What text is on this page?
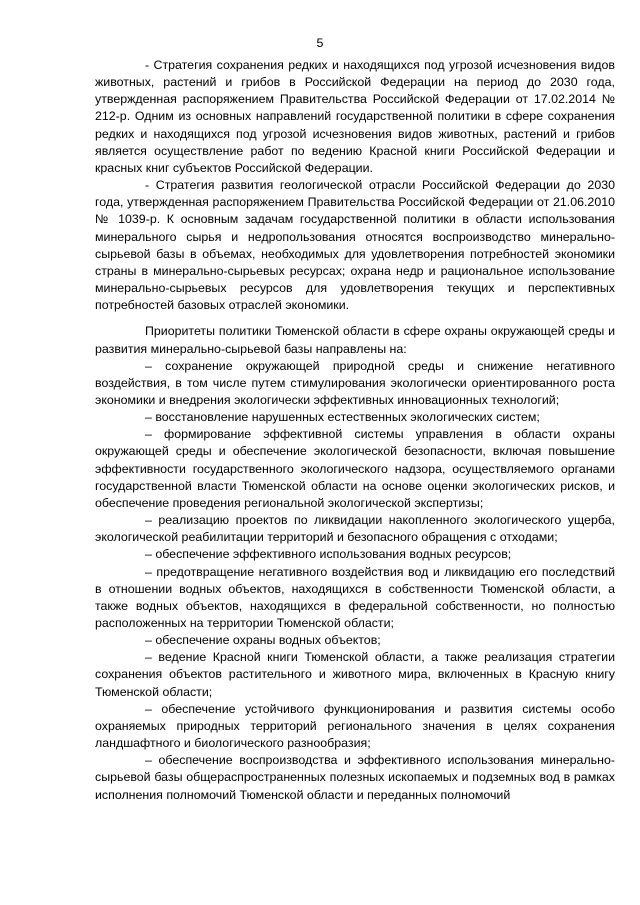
5

- Стратегия сохранения редких и находящихся под угрозой исчезновения видов животных, растений и грибов в Российской Федерации на период до 2030 года, утвержденная распоряжением Правительства Российской Федерации от 17.02.2014 № 212-р. Одним из основных направлений государственной политики в сфере сохранения редких и находящихся под угрозой исчезновения видов животных, растений и грибов является осуществление работ по ведению Красной книги Российской Федерации и красных книг субъектов Российской Федерации.

- Стратегия развития геологической отрасли Российской Федерации до 2030 года, утвержденная распоряжением Правительства Российской Федерации от 21.06.2010 № 1039-р. К основным задачам государственной политики в области использования минерального сырья и недропользования относятся воспроизводство минерально-сырьевой базы в объемах, необходимых для удовлетворения потребностей экономики страны в минерально-сырьевых ресурсах; охрана недр и рациональное использование минерально-сырьевых ресурсов для удовлетворения текущих и перспективных потребностей базовых отраслей экономики.

Приоритеты политики Тюменской области в сфере охраны окружающей среды и развития минерально-сырьевой базы направлены на:

– сохранение окружающей природной среды и снижение негативного воздействия, в том числе путем стимулирования экологически ориентированного роста экономики и внедрения экологически эффективных инновационных технологий;

– восстановление нарушенных естественных экологических систем;

– формирование эффективной системы управления в области охраны окружающей среды и обеспечение экологической безопасности, включая повышение эффективности государственного экологического надзора, осуществляемого органами государственной власти Тюменской области на основе оценки экологических рисков, и обеспечение проведения региональной экологической экспертизы;

– реализацию проектов по ликвидации накопленного экологического ущерба, экологической реабилитации территорий и безопасного обращения с отходами;

– обеспечение эффективного использования водных ресурсов;

– предотвращение негативного воздействия вод и ликвидацию его последствий в отношении водных объектов, находящихся в собственности Тюменской области, а также водных объектов, находящихся в федеральной собственности, но полностью расположенных на территории Тюменской области;

– обеспечение охраны водных объектов;

– ведение Красной книги Тюменской области, а также реализация стратегии сохранения объектов растительного и животного мира, включенных в Красную книгу Тюменской области;

– обеспечение устойчивого функционирования и развития системы особо охраняемых природных территорий регионального значения в целях сохранения ландшафтного и биологического разнообразия;

– обеспечение воспроизводства и эффективного использования минерально-сырьевой базы общераспространенных полезных ископаемых и подземных вод в рамках исполнения полномочий Тюменской области и переданных полномочий
